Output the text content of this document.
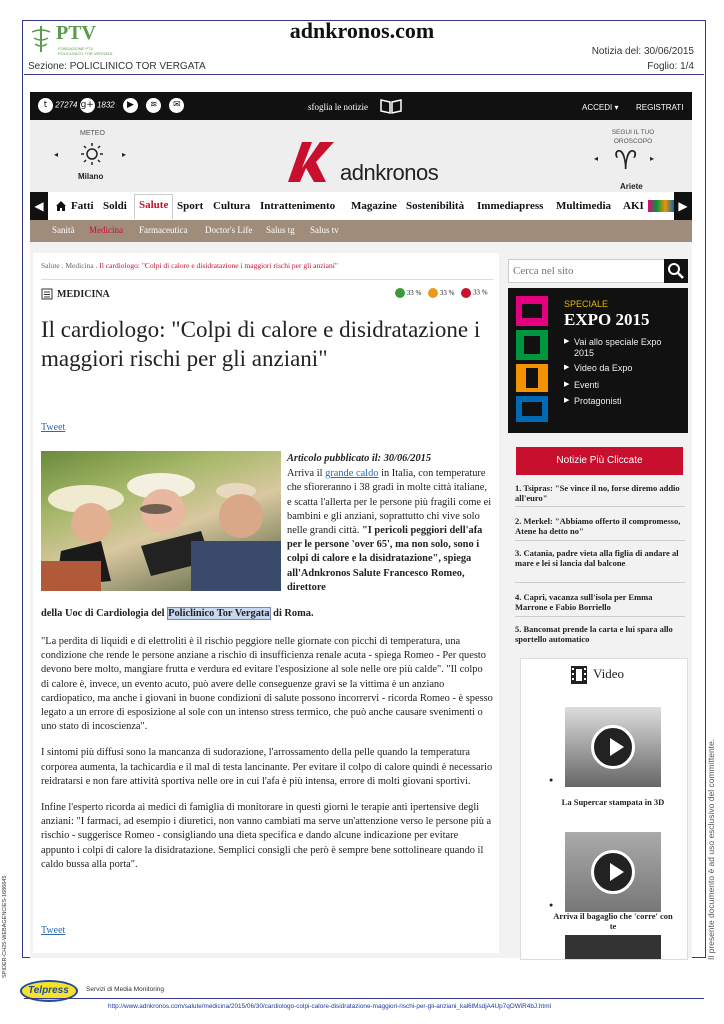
PTV
FONDAZIONE PTV POLICLINICO TOR VERGATA
adnkronos.com
Notizia del: 30/06/2015
Sezione: POLICLINICO TOR VERGATA	Foglio: 1/4
t 27274 g+ 1832 ▶ ≋ ✉	sfoglia le notizie	ACCEDI ▾ REGISTRATI
METEO
◂	▸
Milano	adnkronos
SEGUI IL TUO OROSCOPO
◂ ♈ ▸
Ariete
◀	Fatti Soldi	Salute Sport Cultura Intrattenimento Magazine Sostenibilità Immediapress Multimedia AKI	▶
Sanità Medicina Farmaceutica Doctor's Life Salus tg Salus tv
Salute . Medicina . Il cardiologo: "Colpi di calore e disidratazione i maggiori rischi per gli anziani"
MEDICINA	33 %	33 %	33 %
Il cardiologo: "Colpi di calore e disidratazione i maggiori rischi per gli anziani"
Tweet
Articolo pubblicato il: 30/06/2015
Arriva il grande caldo in Italia, con temperature che sfioreranno i 38 gradi in molte città italiane, e scatta l'allerta per le persone più fragili come ei bambini e gli anziani, soprattutto chi vive solo nelle grandi città. "I pericoli peggiori dell'afa per le persone 'over 65', ma non solo, sono i colpi di calore e la disidratazione", spiega all'Adnkronos Salute Francesco Romeo, direttore
della Uoc di Cardiologia del Policlinico Tor Vergata di Roma.

"La perdita di liquidi e di elettroliti è il rischio peggiore nelle giornate con picchi di temperatura, una condizione che rende le persone anziane a rischio di insufficienza renale acuta - spiega Romeo - Per questo devono bere molto, mangiare frutta e verdura ed evitare l'esposizione al sole nelle ore più calde". "Il colpo di calore è, invece, un evento acuto, può avere delle conseguenze gravi se la vittima è un anziano cardiopatico, ma anche i giovani in buone condizioni di salute possono incorrervi - ricorda Romeo - è spesso legato a un errore di esposizione al sole con un intenso stress termico, che può anche causare svenimenti o uno stato di incoscienza".

I sintomi più diffusi sono la mancanza di sudorazione, l'arrossamento della pelle quando la temperatura corporea aumenta, la tachicardia e il mal di testa lancinante. Per evitare il colpo di calore quindi è necessario reidratarsi e non fare attività sportiva nelle ore in cui l'afa è più intensa, errore di molti giovani sportivi.

Infine l'esperto ricorda ai medici di famiglia di monitorare in questi giorni le terapie anti ipertensive degli anziani: "I farmaci, ad esempio i diuretici, non vanno cambiati ma serve un'attenzione verso le persone più a rischio - suggerisce Romeo - consigliando una dieta specifica e dando alcune indicazione per evitare appunto i colpi di calore la disidratazione. Semplici consigli che però è sempre bene sottolineare quando il caldo bussa alla porta".

Tweet
Cerca nel sito
SPECIALE
EXPO 2015
▶ Vai allo speciale Expo 2015
▶ Video da Expo
▶ Eventi
▶ Protagonisti
Notizie Più Cliccate
1. Tsipras: "Se vince il no, forse diremo addio all'euro"
2. Merkel: "Abbiamo offerto il compromesso, Atene ha detto no"
3. Catania, padre vieta alla figlia di andare al mare e lei si lancia dal balcone
4. Capri, vacanza sull'isola per Emma Marrone e Fabio Borriello
5. Bancomat prende la carta e lui spara allo sportello automatico
Video
●
La Supercar stampata in 3D
●
Arriva il bagaglio che 'corre' con te	Il presente documento è ad uso esclusivo del committente.
SPIDER-CH25-WEBAGENCIES-1686645
Telpress	Servizi di Media Monitoring
http://www.adnkronos.com/salute/medicina/2015/06/30/cardiologo-colpi-calore-disidratazione-maggiori-rischi-per-gli-anziani_kal6lMsdjA4Up7qOWiR4bJ.html
